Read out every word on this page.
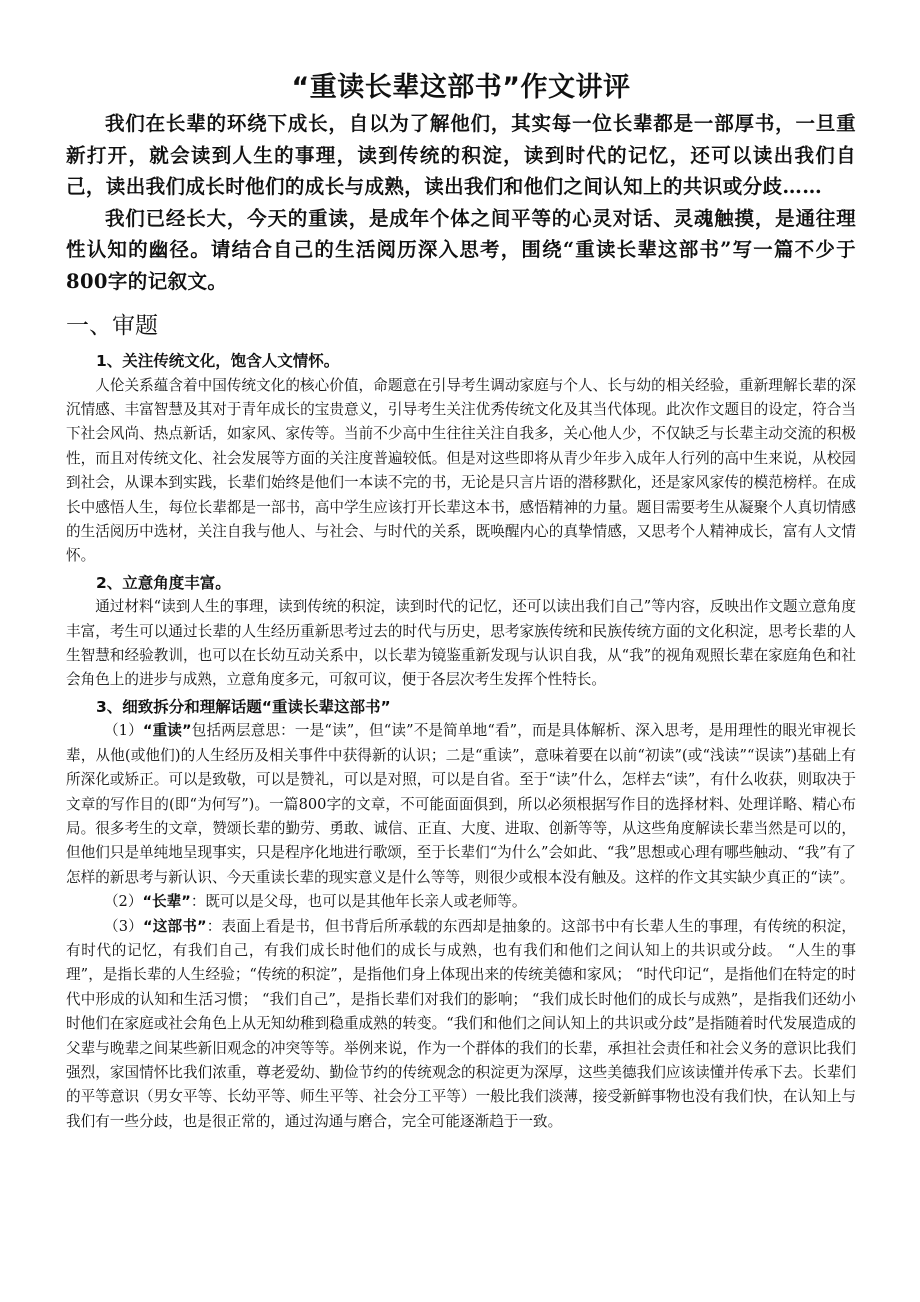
“重读长辈这部书”作文讲评

我们在长辈的环绕下成长，自以为了解他们，其实每一位长辈都是一部厚书，一旦重新打开，就会读到人生的事理，读到传统的积淀，读到时代的记忆，还可以读出我们自己，读出我们成长时他们的成长与成熟，读出我们和他们之间认知上的共识或分歧……

我们已经长大，今天的重读，是成年个体之间平等的心灵对话、灵魂触摸，是通往理性认知的幽径。请结合自己的生活阅历深入思考，围绕“重读长辈这部书”写一篇不少于800字的记叙文。

一、审题
1、关注传统文化，饱含人文情怀。

人伦关系蕴含着中国传统文化的核心价值，命题意在引导考生调动家庭与个人、长与幼的相关经验，重新理解长辈的深沉情感、丰富智慧及其对于青年成长的宝贵意义，引导考生关注优秀传统文化及其当代体现。此次作文题目的设定，符合当下社会风尚、热点新话，如家风、家传等。当前不少高中生往往关注自我多，关心他人少，不仅缺乏与长辈主动交流的积极性，而且对传统文化、社会发展等方面的关注度普遍较低。但是对这些即将从青少年步入成年人行列的高中生来说，从校园到社会，从课本到实践，长辈们始终是他们一本读不完的书，无论是只言片语的潜移默化，还是家风家传的模范榜样。在成长中感悟人生，每位长辈都是一部书，高中学生应该打开长辈这本书，感悟精神的力量。题目需要考生从凝聚个人真切情感的生活阅历中选材，关注自我与他人、与社会、与时代的关系，既唤醒内心的真挚情感，又思考个人精神成长，富有人文情怀。

2、立意角度丰富。

通过材料“读到人生的事理，读到传统的积淀，读到时代的记忆，还可以读出我们自己”等内容，反映出作文题立意角度丰富，考生可以通过长辈的人生经历重新思考过去的时代与历史，思考家族传统和民族传统方面的文化积淀，思考长辈的人生智慧和经验教训，也可以在长幼互动关系中，以长辈为镜鉴重新发现与认识自我，从“我”的视角观照长辈在家庭角色和社会角色上的进步与成熟，立意角度多元，可叙可议，便于各层次考生发挥个性特长。

3、细致拆分和理解话题“重读长辈这部书”

（1）“重读”包括两层意思：一是“读”，但“读”不是简单地“看”，而是具体解析、深入思考，是用理性的眼光审视长辈，从他(或他们)的人生经历及相关事件中获得新的认识；二是“重读”，意味着要在以前“初读”(或“浅读”“误读”)基础上有所深化或矫正。可以是致敬，可以是赞礼，可以是对照，可以是自省。至于“读”什么，怎样去“读”，有什么收获，则取决于文章的写作目的(即“为何写”)。一篇800字的文章，不可能面面俱到，所以必须根据写作目的选择材料、处理详略、精心布局。很多考生的文章，赞颂长辈的勤劳、勇敢、诚信、正直、大度、进取、创新等等，从这些角度解读长辈当然是可以的，但他们只是单纯地呈现事实，只是程序化地进行歌颂，至于长辈们“为什么”会如此、“我”思想或心理有哪些触动、“我”有了怎样的新思考与新认识、今天重读长辈的现实意义是什么等等，则很少或根本没有触及。这样的作文其实缺少真正的“读”。

（2）“长辈”：既可以是父母，也可以是其他年长亲人或老师等。

（3）“这部书”：表面上看是书，但书背后所承载的东西却是抽象的。这部书中有长辈人生的事理，有传统的积淀，有时代的记忆，有我们自己，有我们成长时他们的成长与成熟，也有我们和他们之间认知上的共识或分歧。 “人生的事理”，是指长辈的人生经验；“传统的积淀”，是指他们身上体现出来的传统美德和家风； “时代印记“，是指他们在特定的时代中形成的认知和生活习惯； “我们自己”，是指长辈们对我们的影响； “我们成长时他们的成长与成熟”，是指我们还幼小时他们在家庭或社会角色上从无知幼稚到稳重成熟的转变。“我们和他们之间认知上的共识或分歧”是指随着时代发展造成的父辈与晚辈之间某些新旧观念的冲突等等。举例来说，作为一个群体的我们的长辈，承担社会责任和社会义务的意识比我们强烈，家国情怀比我们浓重，尊老爱幼、勤俭节约的传统观念的积淀更为深厚，这些美德我们应该读懂并传承下去。长辈们的平等意识（男女平等、长幼平等、师生平等、社会分工平等）一般比我们淡薄，接受新鲜事物也没有我们快，在认知上与我们有一些分歧，也是很正常的，通过沟通与磨合，完全可能逐渐趋于一致。
